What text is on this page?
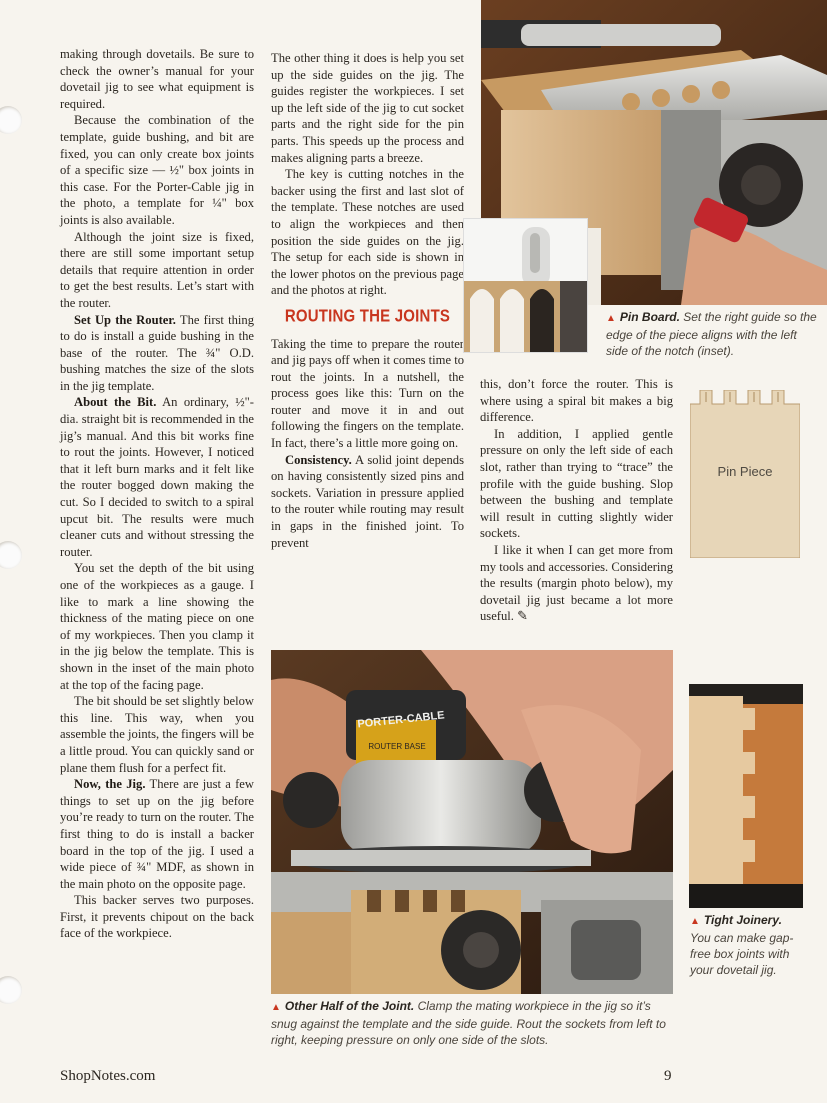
making through dovetails. Be sure to check the owner’s manual for your dovetail jig to see what equipment is required.

Because the combination of the template, guide bushing, and bit are fixed, you can only create box joints of a specific size — ½" box joints in this case. For the Porter-Cable jig in the photo, a template for ¼" box joints is also available.

Although the joint size is fixed, there are still some important setup details that require attention in order to get the best results. Let’s start with the router.

Set Up the Router. The first thing to do is install a guide bushing in the base of the router. The ¾" O.D. bushing matches the size of the slots in the jig template.

About the Bit. An ordinary, ½"-dia. straight bit is recommended in the jig’s manual. And this bit works fine to rout the joints. However, I noticed that it left burn marks and it felt like the router bogged down making the cut. So I decided to switch to a spiral upcut bit. The results were much cleaner cuts and without stressing the router.

You set the depth of the bit using one of the workpieces as a gauge. I like to mark a line showing the thickness of the mating piece on one of my workpieces. Then you clamp it in the jig below the template. This is shown in the inset of the main photo at the top of the facing page.

The bit should be set slightly below this line. This way, when you assemble the joints, the fingers will be a little proud. You can quickly sand or plane them flush for a perfect fit.

Now, the Jig. There are just a few things to set up on the jig before you’re ready to turn on the router. The first thing to do is install a backer board in the top of the jig. I used a wide piece of ¾" MDF, as shown in the main photo on the opposite page.

This backer serves two purposes. First, it prevents chipout on the back face of the workpiece.

The other thing it does is help you set up the side guides on the jig. The guides register the workpieces. I set up the left side of the jig to cut socket parts and the right side for the pin parts. This speeds up the process and makes aligning parts a breeze.

The key is cutting notches in the backer using the first and last slot of the template. These notches are used to align the workpieces and then position the side guides on the jig. The setup for each side is shown in the lower photos on the previous page and the photos at right.

ROUTING THE JOINTS

Taking the time to prepare the router and jig pays off when it comes time to rout the joints. In a nutshell, the process goes like this: Turn on the router and move it in and out following the fingers on the template. In fact, there’s a little more going on.

Consistency. A solid joint depends on having consistently sized pins and sockets. Variation in pressure applied to the router while routing may result in gaps in the finished joint. To prevent

this, don’t force the router. This is where using a spiral bit makes a big difference.

In addition, I applied gentle pressure on only the left side of each slot, rather than trying to “trace” the profile with the guide bushing. Slop between the bushing and template will result in cutting slightly wider sockets.

I like it when I can get more from my tools and accessories. Considering the results (margin photo below), my dovetail jig just became a lot more useful. ✎

▲ Pin Board. Set the right guide so the edge of the piece aligns with the left side of the notch (inset).
Pin Piece
PORTER-CABLE
ROUTER BASE
▲ Other Half of the Joint. Clamp the mating workpiece in the jig so it’s snug against the template and the side guide. Rout the sockets from left to right, keeping pressure on only one side of the slots.
▲ Tight Joinery. You can make gap-free box joints with your dovetail jig.
ShopNotes.com	9
